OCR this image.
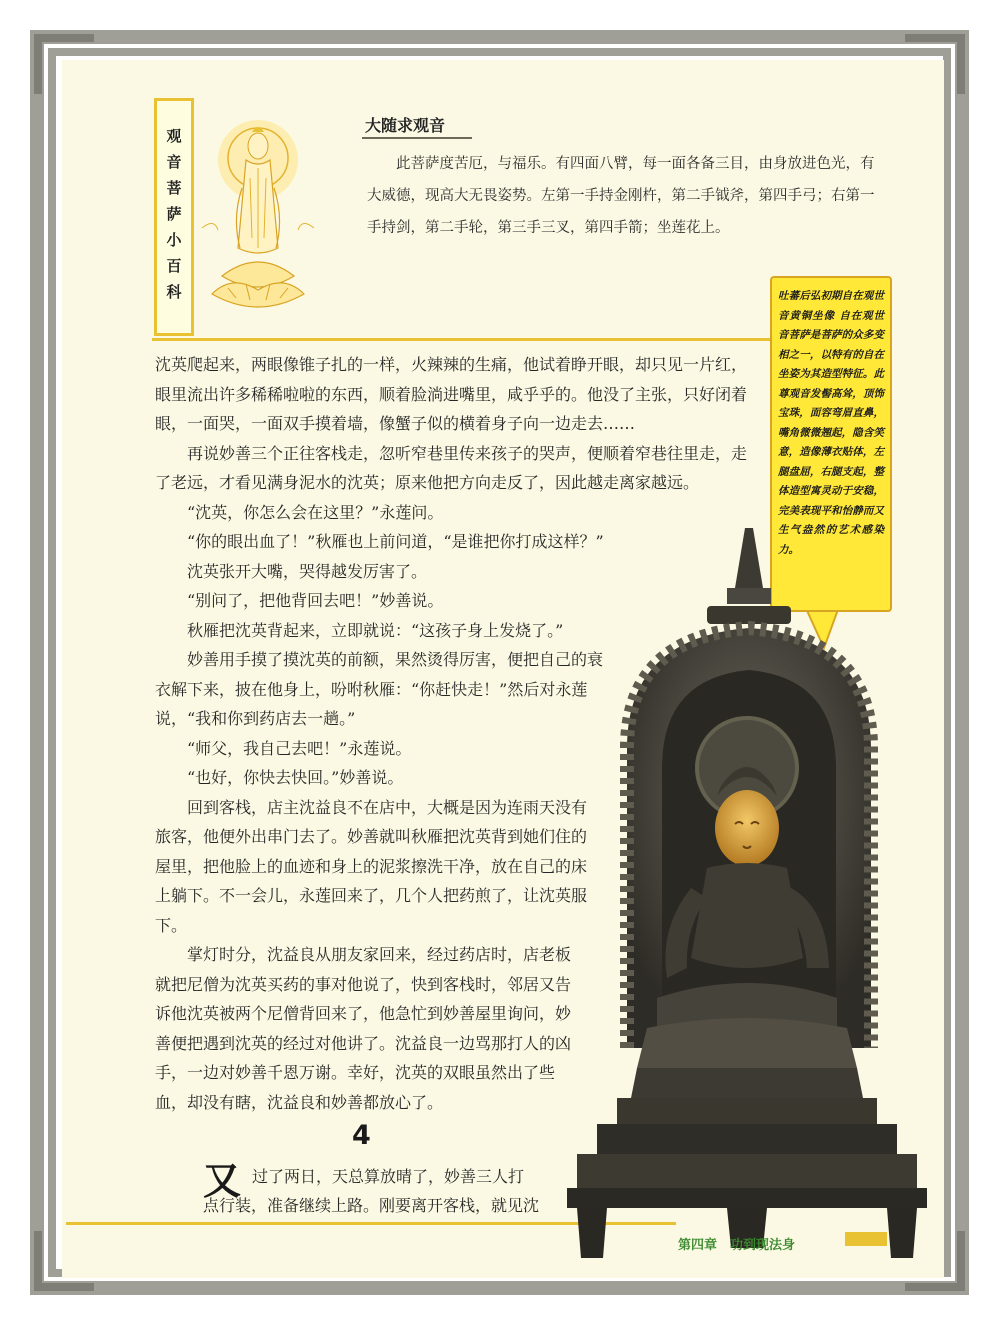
观
音
菩
萨
小
百
科
大随求观音

此菩萨度苦厄，与福乐。有四面八臂，每一面各备三目，由身放进色光，有大威德，现高大无畏姿势。左第一手持金刚杵，第二手钺斧，第四手弓；右第一手持剑，第二手轮，第三手三叉，第四手箭；坐莲花上。

吐蕃后弘初期自在观世音黄铜坐像 自在观世音菩萨是菩萨的众多变相之一，以特有的自在坐姿为其造型特征。此尊观音发髻高耸，顶饰宝珠，面容弯眉直鼻，嘴角微微翘起，隐含笑意，造像薄衣贴体，左腿盘屈，右腿支起，整体造型寓灵动于安稳，完美表现平和怡静而又生气盎然的艺术感染力。

沈英爬起来，两眼像锥子扎的一样，火辣辣的生痛，他试着睁开眼，却只见一片红，眼里流出许多稀稀啦啦的东西，顺着脸淌进嘴里，咸乎乎的。他没了主张，只好闭着眼，一面哭，一面双手摸着墙，像蟹子似的横着身子向一边走去……

再说妙善三个正往客栈走，忽听窄巷里传来孩子的哭声，便顺着窄巷往里走，走了老远，才看见满身泥水的沈英；原来他把方向走反了，因此越走离家越远。

“沈英，你怎么会在这里？”永莲问。

“你的眼出血了！”秋雁也上前问道，“是谁把你打成这样？”

沈英张开大嘴，哭得越发厉害了。

“别问了，把他背回去吧！”妙善说。

秋雁把沈英背起来，立即就说：“这孩子身上发烧了。”

妙善用手摸了摸沈英的前额，果然烫得厉害，便把自己的衰衣解下来，披在他身上，吩咐秋雁：“你赶快走！”然后对永莲说，“我和你到药店去一趟。”

“师父，我自己去吧！”永莲说。

“也好，你快去快回。”妙善说。

回到客栈，店主沈益良不在店中，大概是因为连雨天没有旅客，他便外出串门去了。妙善就叫秋雁把沈英背到她们住的屋里，把他脸上的血迹和身上的泥浆擦洗干净，放在自己的床上躺下。不一会儿，永莲回来了，几个人把药煎了，让沈英服下。

掌灯时分，沈益良从朋友家回来，经过药店时，店老板就把尼僧为沈英买药的事对他说了，快到客栈时，邻居又告诉他沈英被两个尼僧背回来了，他急忙到妙善屋里询问，妙善便把遇到沈英的经过对他讲了。沈益良一边骂那打人的凶手，一边对妙善千恩万谢。幸好，沈英的双眼虽然出了些血，却没有瞎，沈益良和妙善都放心了。

4
又 过了两日，天总算放晴了，妙善三人打

点行装，准备继续上路。刚要离开客栈，就见沈

第四章　功到现法身
